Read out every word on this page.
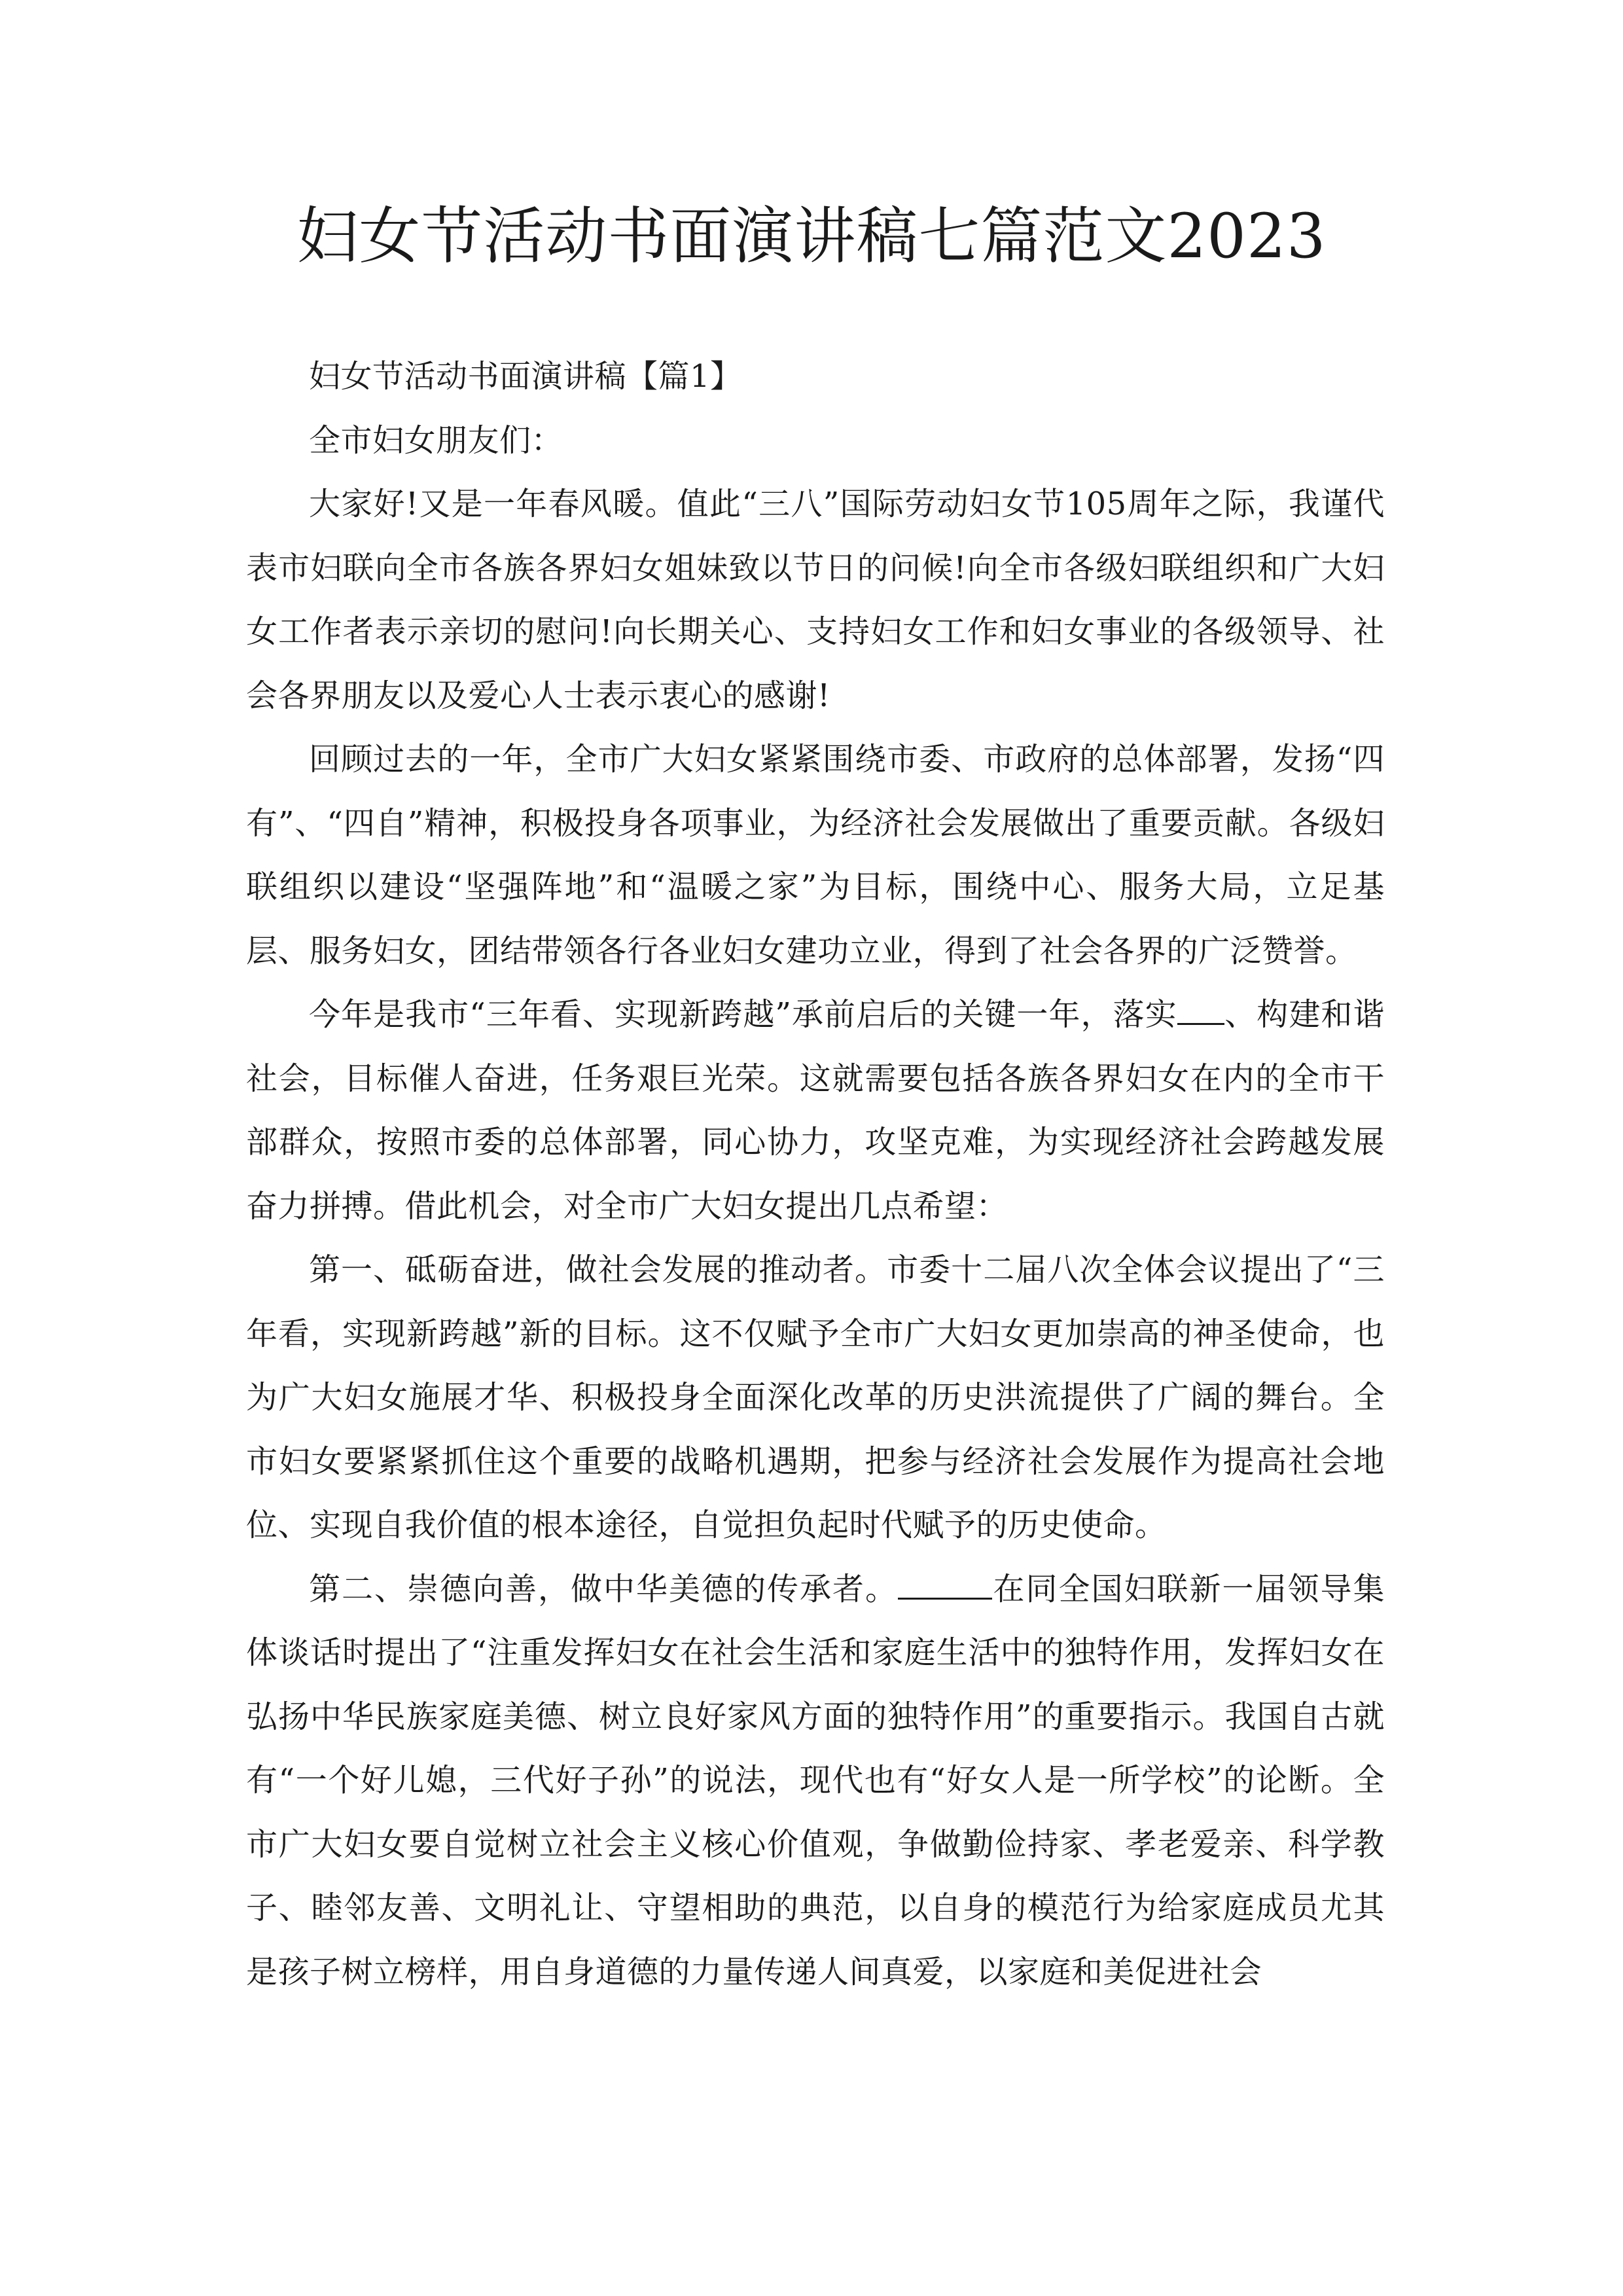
妇女节活动书面演讲稿七篇范文2023

妇女节活动书面演讲稿【篇1】

全市妇女朋友们：

大家好!又是一年春风暖。值此“三八”国际劳动妇女节105周年之际，我谨代表市妇联向全市各族各界妇女姐妹致以节日的问候!向全市各级妇联组织和广大妇女工作者表示亲切的慰问!向长期关心、支持妇女工作和妇女事业的各级领导、社会各界朋友以及爱心人士表示衷心的感谢!

回顾过去的一年，全市广大妇女紧紧围绕市委、市政府的总体部署，发扬“四有”、“四自”精神，积极投身各项事业，为经济社会发展做出了重要贡献。各级妇联组织以建设“坚强阵地”和“温暖之家”为目标，围绕中心、服务大局，立足基层、服务妇女，团结带领各行各业妇女建功立业，得到了社会各界的广泛赞誉。

今年是我市“三年看、实现新跨越”承前启后的关键一年，落实 、构建和谐社会，目标催人奋进，任务艰巨光荣。这就需要包括各族各界妇女在内的全市干部群众，按照市委的总体部署，同心协力，攻坚克难，为实现经济社会跨越发展奋力拼搏。借此机会，对全市广大妇女提出几点希望：

第一、砥砺奋进，做社会发展的推动者。市委十二届八次全体会议提出了“三年看，实现新跨越”新的目标。这不仅赋予全市广大妇女更加崇高的神圣使命，也为广大妇女施展才华、积极投身全面深化改革的历史洪流提供了广阔的舞台。全市妇女要紧紧抓住这个重要的战略机遇期，把参与经济社会发展作为提高社会地位、实现自我价值的根本途径，自觉担负起时代赋予的历史使命。

第二、崇德向善，做中华美德的传承者。	在同全国妇联新一届领导集体谈话时提出了“注重发挥妇女在社会生活和家庭生活中的独特作用，发挥妇女在弘扬中华民族家庭美德、树立良好家风方面的独特作用”的重要指示。我国自古就有“一个好儿媳，三代好子孙”的说法，现代也有“好女人是一所学校”的论断。全市广大妇女要自觉树立社会主义核心价值观，争做勤俭持家、孝老爱亲、科学教子、睦邻友善、文明礼让、守望相助的典范，以自身的模范行为给家庭成员尤其是孩子树立榜样，用自身道德的力量传递人间真爱，以家庭和美促进社会
